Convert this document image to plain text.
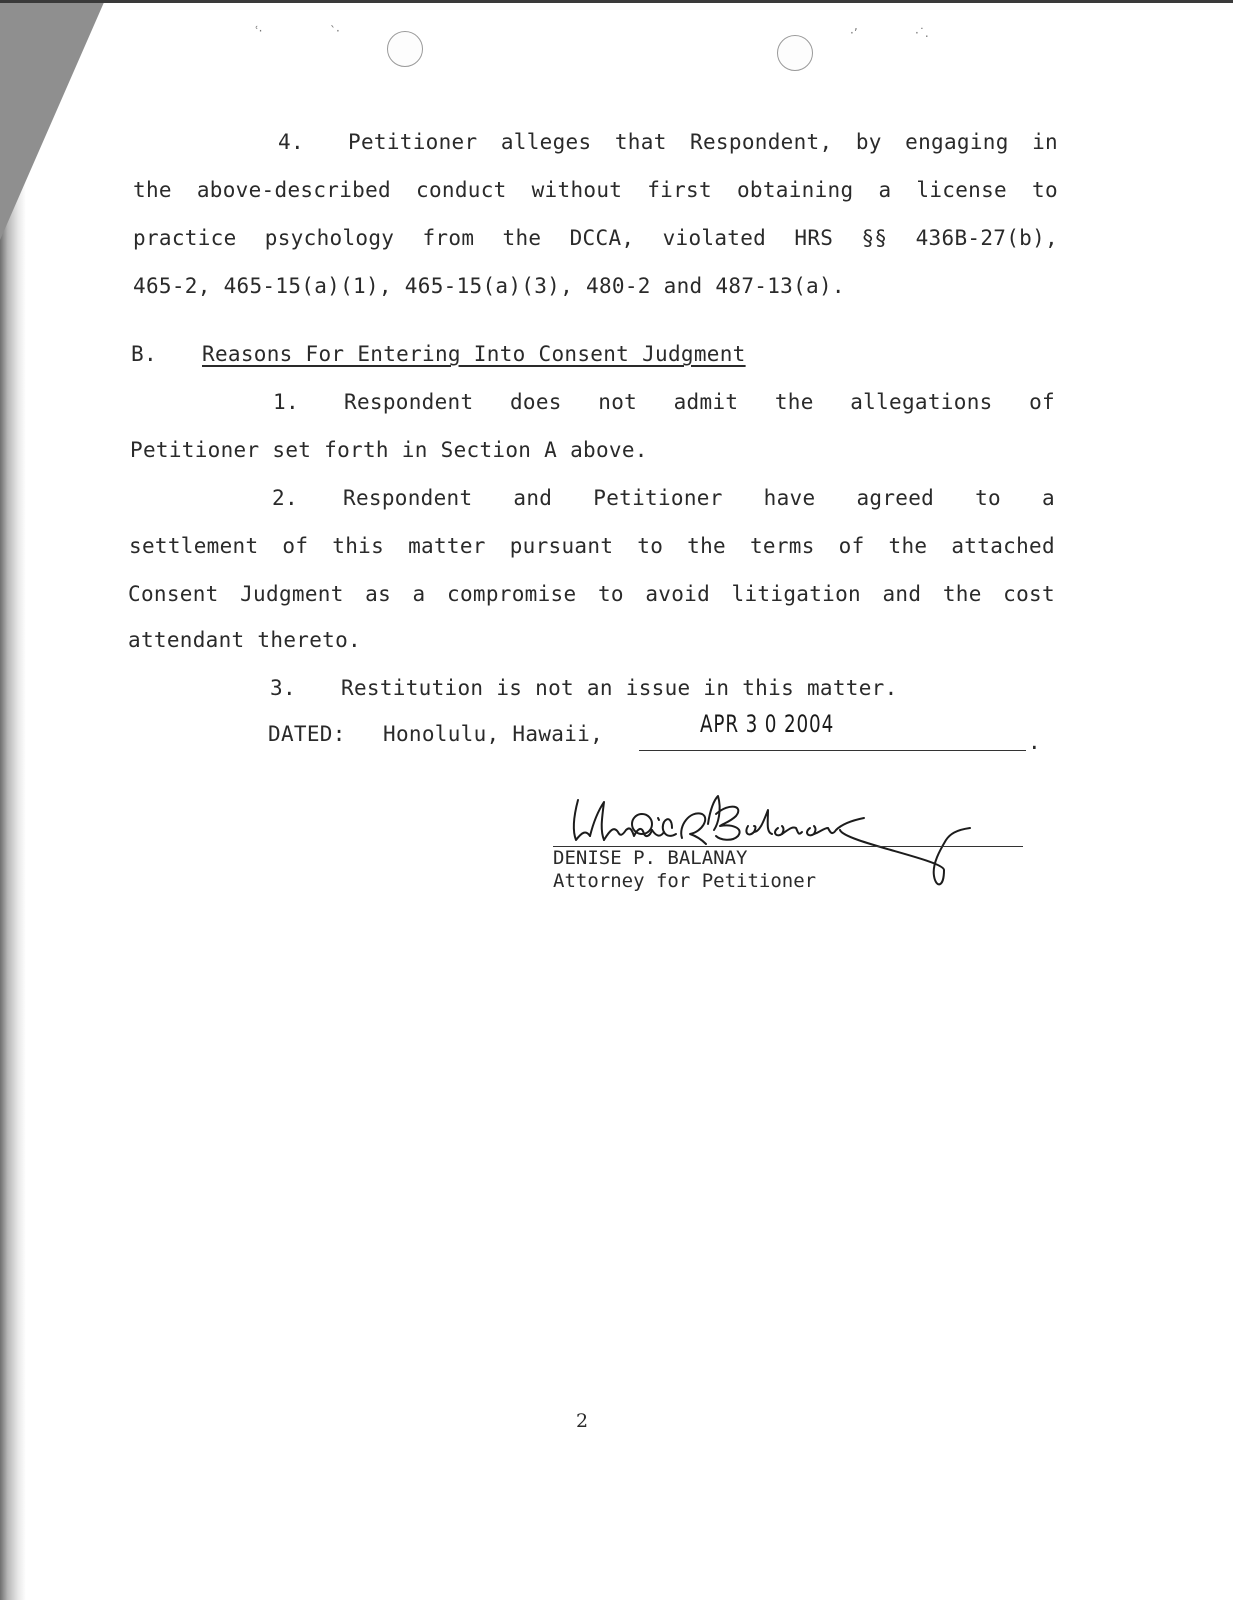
ʿ·	ˋ·	·ʼ	·˙.
4. Petitioner alleges that Respondent, by engaging in
the above-described conduct without first obtaining a license to
practice psychology from the DCCA, violated HRS §§ 436B-27(b),
465-2, 465-15(a)(1), 465-15(a)(3), 480-2 and 487-13(a).
B. Reasons For Entering Into Consent Judgment
1. Respondent does not admit the allegations of
Petitioner set forth in Section A above.
2. Respondent and Petitioner have agreed to a
settlement of this matter pursuant to the terms of the attached
Consent Judgment as a compromise to avoid litigation and the cost
attendant thereto.
3. Restitution is not an issue in this matter.
DATED: Honolulu, Hawaii,	APR 3 0 2004
.
DENISE P. BALANAY
Attorney for Petitioner
2
